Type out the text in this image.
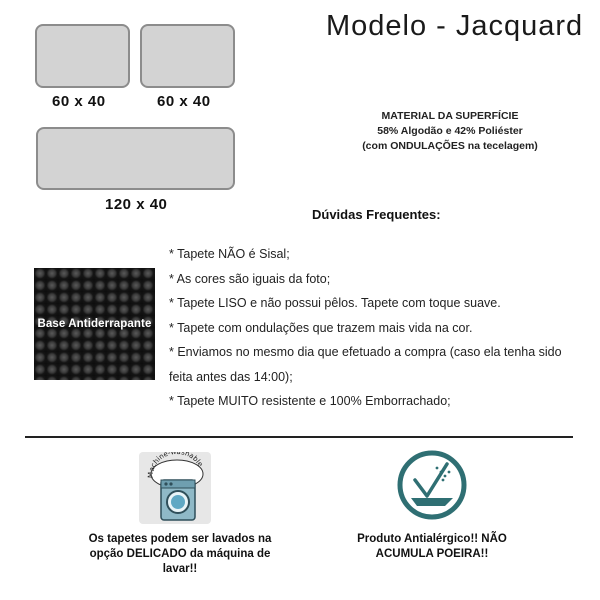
Modelo - Jacquard
60 x 40	60 x 40
120 x 40
MATERIAL DA SUPERFÍCIE
58% Algodão e 42% Poliéster
(com ONDULAÇÕES na tecelagem)
Dúvidas Frequentes:
* Tapete NÃO é Sisal;
* As cores são iguais da foto;
* Tapete LISO e não possui pêlos. Tapete com toque suave.
* Tapete com ondulações que trazem mais vida na cor.
* Enviamos no mesmo dia que efetuado a compra (caso ela tenha sido
feita antes das 14:00);
* Tapete MUITO resistente e 100% Emborrachado;
Base Antiderrapante
Machine-w shable
Os tapetes podem ser lavados na
opção DELICADO da máquina de
lavar!!
Produto Antialérgico!! NÃO
ACUMULA POEIRA!!
